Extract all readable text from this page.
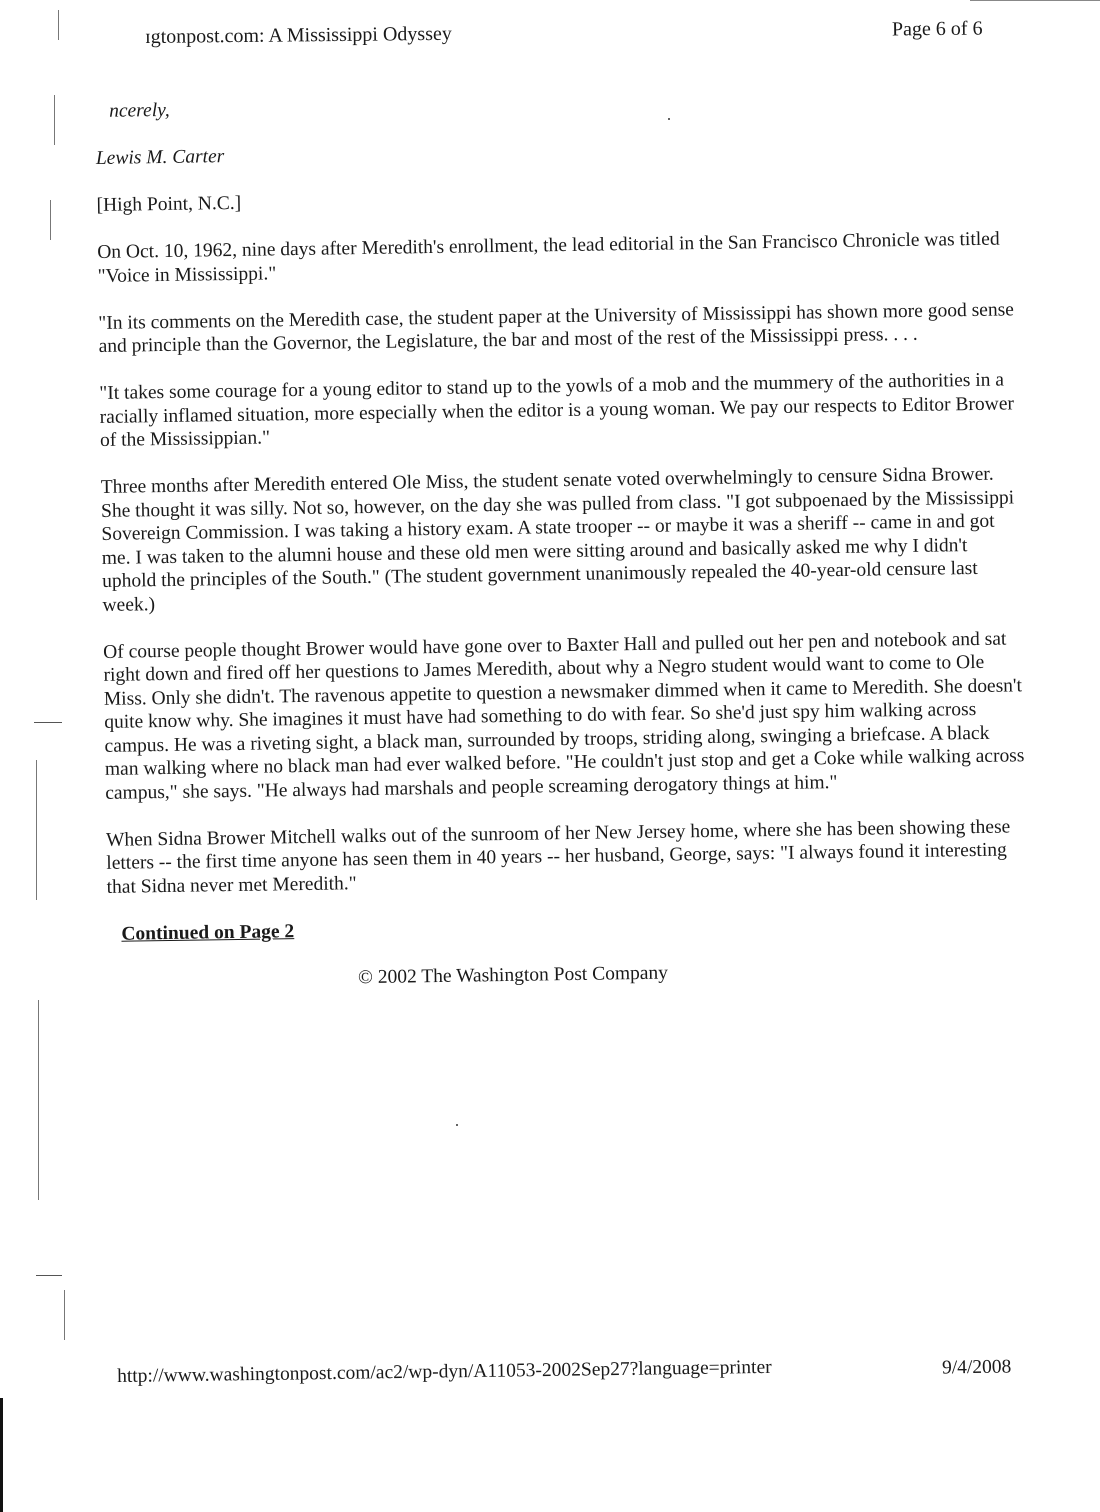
ɪgtonpost.com: A Mississippi Odyssey	Page 6 of 6

ncerely,

Lewis M. Carter

[High Point, N.C.]

On Oct. 10, 1962, nine days after Meredith's enrollment, the lead editorial in the San Francisco Chronicle was titled "Voice in Mississippi."

"In its comments on the Meredith case, the student paper at the University of Mississippi has shown more good sense and principle than the Governor, the Legislature, the bar and most of the rest of the Mississippi press. . . .

"It takes some courage for a young editor to stand up to the yowls of a mob and the mummery of the authorities in a racially inflamed situation, more especially when the editor is a young woman. We pay our respects to Editor Brower of the Mississippian."

Three months after Meredith entered Ole Miss, the student senate voted overwhelmingly to censure Sidna Brower. She thought it was silly. Not so, however, on the day she was pulled from class. "I got subpoenaed by the Mississippi Sovereign Commission. I was taking a history exam. A state trooper -- or maybe it was a sheriff -- came in and got me. I was taken to the alumni house and these old men were sitting around and basically asked me why I didn't uphold the principles of the South." (The student government unanimously repealed the 40-year-old censure last week.)

Of course people thought Brower would have gone over to Baxter Hall and pulled out her pen and notebook and sat right down and fired off her questions to James Meredith, about why a Negro student would want to come to Ole Miss. Only she didn't. The ravenous appetite to question a newsmaker dimmed when it came to Meredith. She doesn't quite know why. She imagines it must have had something to do with fear. So she'd just spy him walking across campus. He was a riveting sight, a black man, surrounded by troops, striding along, swinging a briefcase. A black man walking where no black man had ever walked before. "He couldn't just stop and get a Coke while walking across campus," she says. "He always had marshals and people screaming derogatory things at him."

When Sidna Brower Mitchell walks out of the sunroom of her New Jersey home, where she has been showing these letters -- the first time anyone has seen them in 40 years -- her husband, George, says: "I always found it interesting that Sidna never met Meredith."

Continued on Page 2

© 2002 The Washington Post Company

http://www.washingtonpost.com/ac2/wp-dyn/A11053-2002Sep27?language=printer	9/4/2008
